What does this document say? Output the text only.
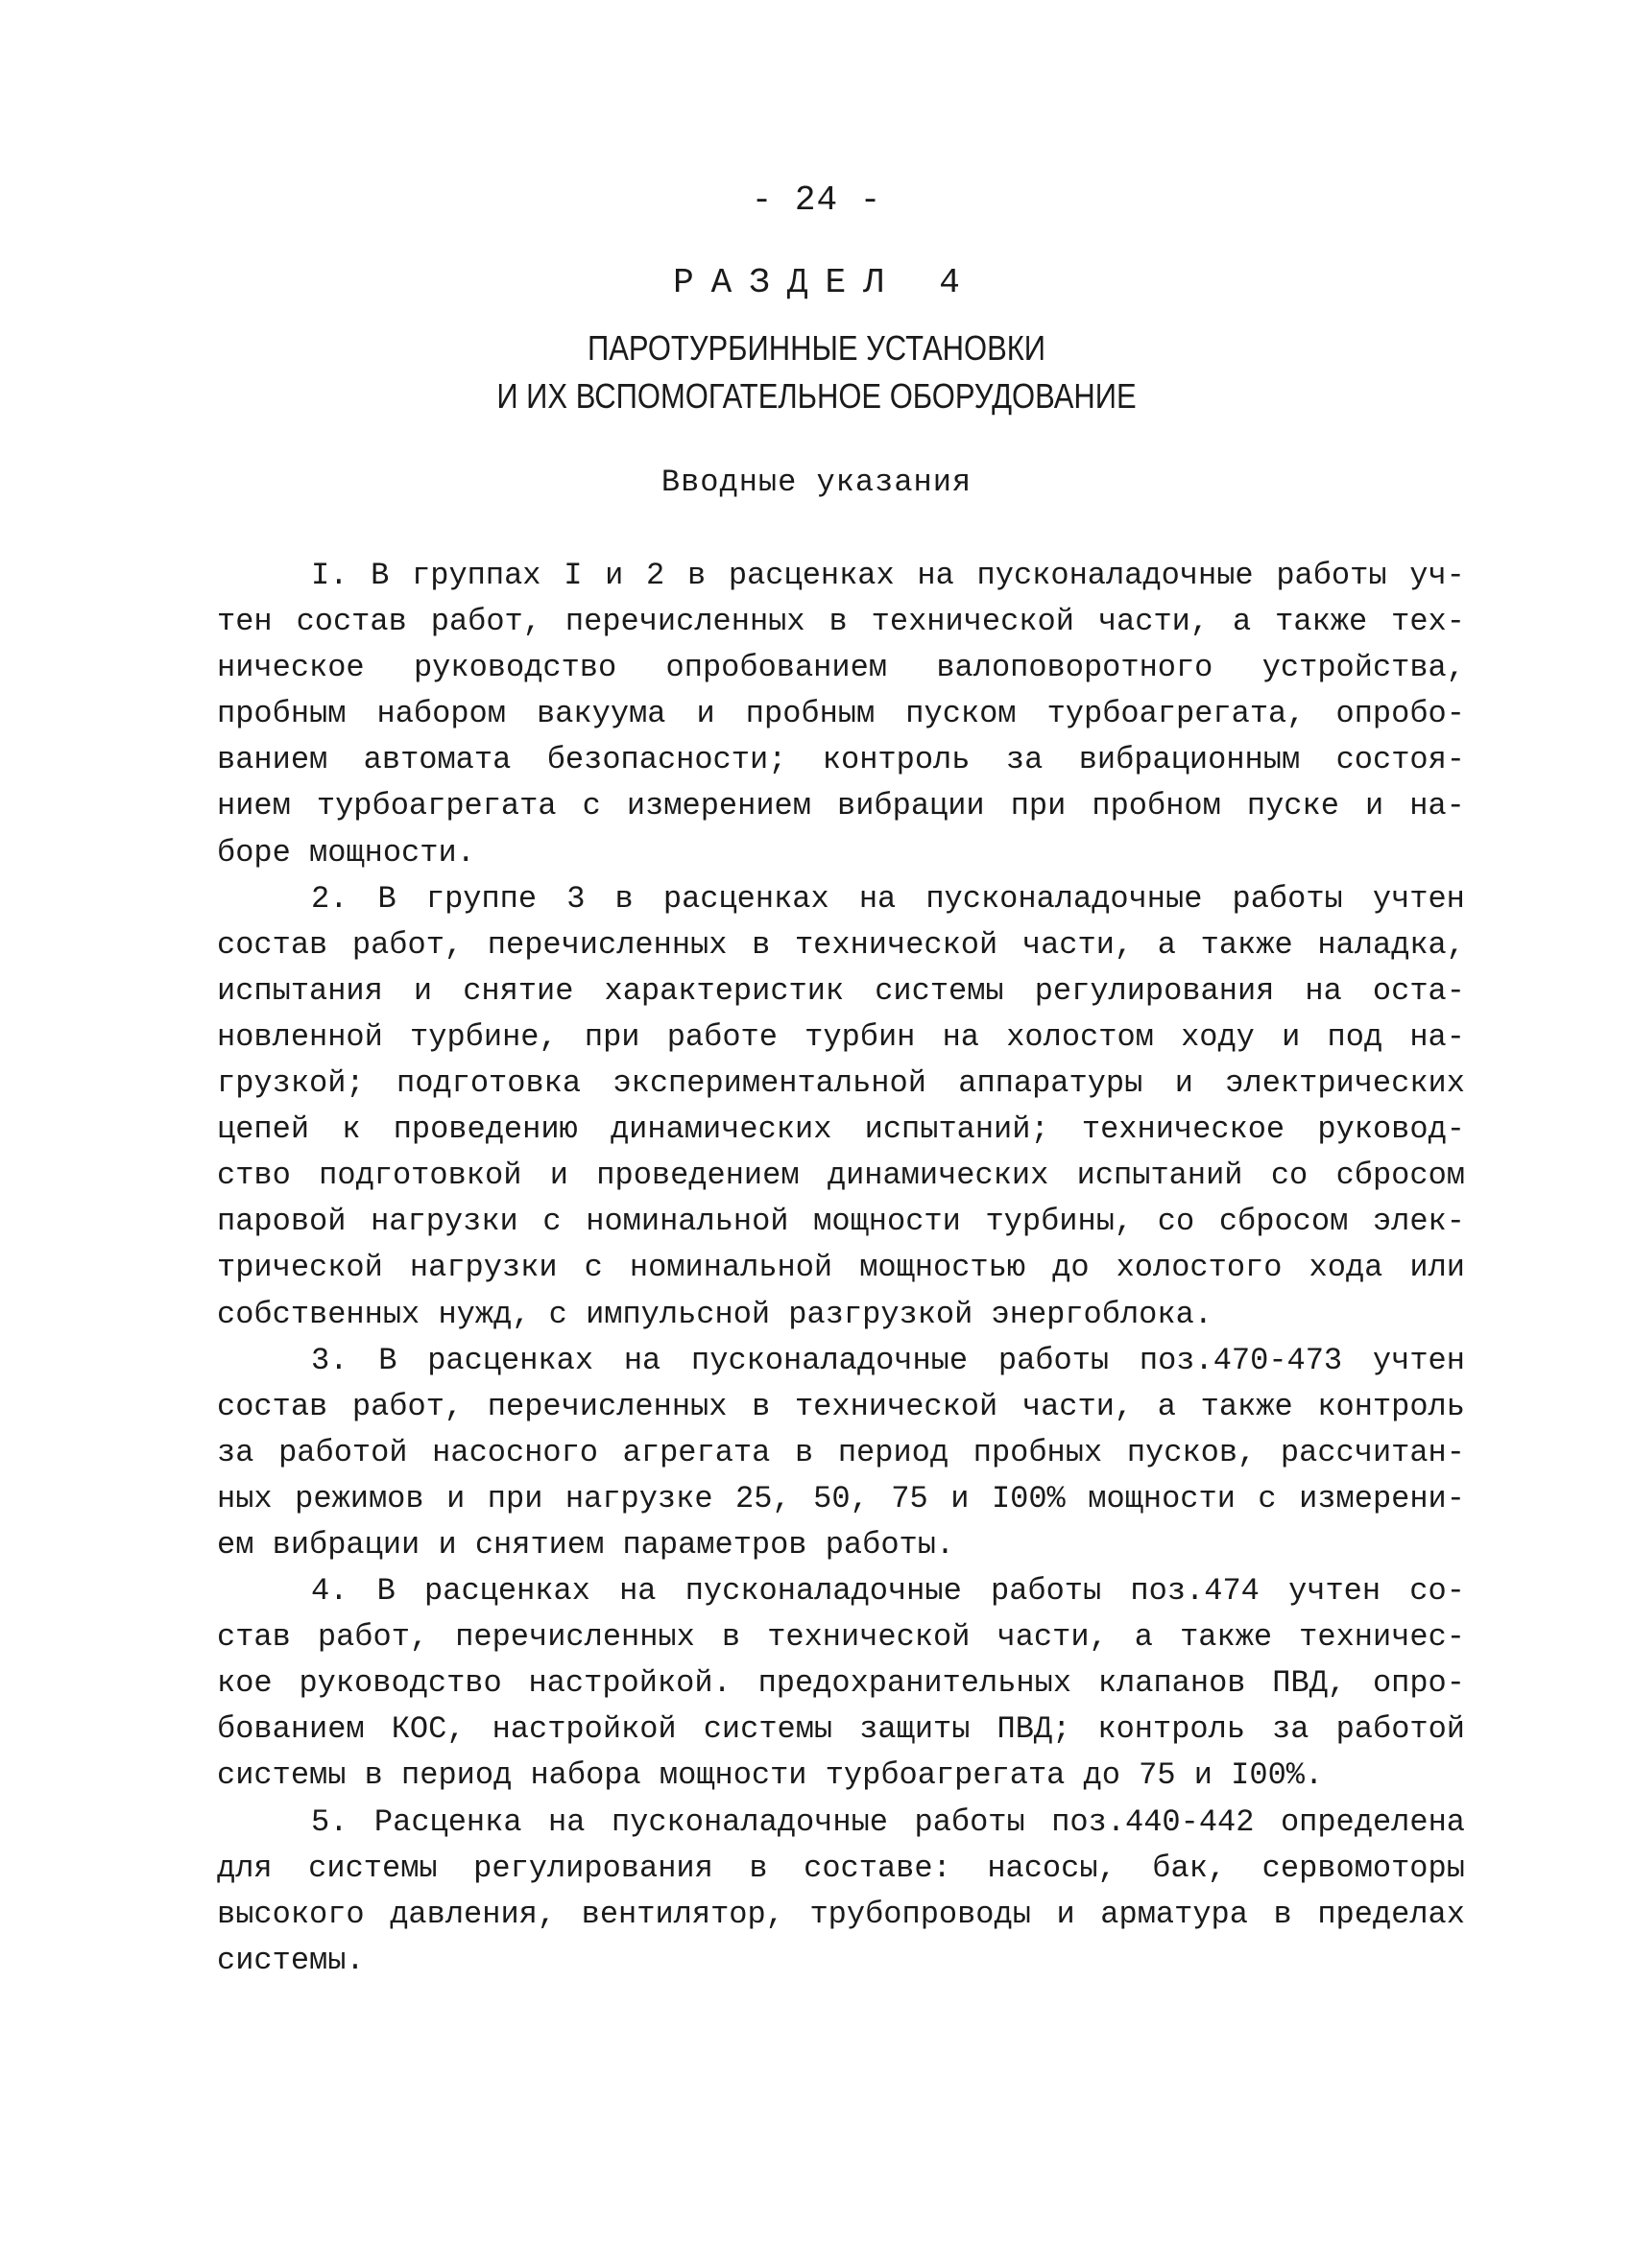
- 24 -
РАЗДЕЛ 4
ПАРОТУРБИННЫЕ УСТАНОВКИ
И ИХ ВСПОМОГАТЕЛЬНОЕ ОБОРУДОВАНИЕ
Вводные указания
I. В группах I и 2 в расценках на пусконаладочные работы уч-
тен состав работ, перечисленных в технической части, а также тех-
ническое руководство опробованием валоповоротного устройства,
пробным набором вакуума и пробным пуском турбоагрегата, опробо-
ванием автомата безопасности; контроль за вибрационным состоя-
нием турбоагрегата с измерением вибрации при пробном пуске и на-
боре мощности.
2. В группе 3 в расценках на пусконаладочные работы учтен
состав работ, перечисленных в технической части, а также наладка,
испытания и снятие характеристик системы регулирования на оста-
новленной турбине, при работе турбин на холостом ходу и под на-
грузкой; подготовка экспериментальной аппаратуры и электрических
цепей к проведению динамических испытаний; техническое руковод-
ство подготовкой и проведением динамических испытаний со сбросом
паровой нагрузки с номинальной мощности турбины, со сбросом элек-
трической нагрузки с номинальной мощностью до холостого хода или
собственных нужд, с импульсной разгрузкой энергоблока.
3. В расценках на пусконаладочные работы поз.470-473 учтен
состав работ, перечисленных в технической части, а также контроль
за работой насосного агрегата в период пробных пусков, рассчитан-
ных режимов и при нагрузке 25, 50, 75 и I00% мощности с измерени-
ем вибрации и снятием параметров работы.
4. В расценках на пусконаладочные работы поз.474 учтен со-
став работ, перечисленных в технической части, а также техничес-
кое руководство настройкой. предохранительных клапанов ПВД, опро-
бованием КОС, настройкой системы защиты ПВД; контроль за работой
системы в период набора мощности турбоагрегата до 75 и I00%.
5. Расценка на пусконаладочные работы поз.440-442 определена
для системы регулирования в составе: насосы, бак, сервомоторы
высокого давления, вентилятор, трубопроводы и арматура в пределах
системы.
